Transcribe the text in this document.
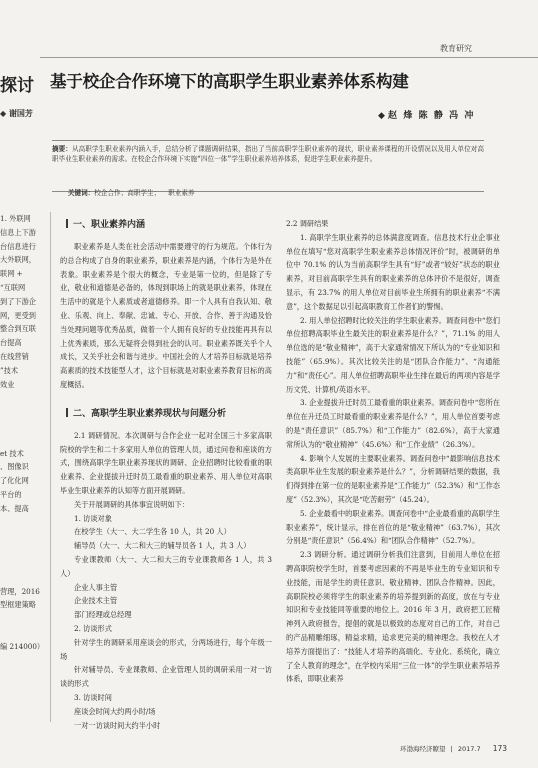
教育研究
探讨
◆ 谢国芳
基于校企合作环境下的高职学生职业素养体系构建
◆ 赵  烽  陈  静  冯  冲
摘要：从高职学生职业素养内涵入手，总结分析了课题调研结果，指出了当前高职学生职业素养的现状，职业素养课程的开设情况以及用人单位对高职毕业生职业素养的需求。在校企合作环境下实施“四位一体”学生职业素养培养体系，促进学生职业素养提升。

关键词：校企合作；高职学生；  职业素养

1. 外联网
信息上下游
台信息进行
大外联网，
联网 +
“互联网
到了下游企
网，更受到
整合到互联
台提高
在线营销
”技术
效业
et 技术
、图像识
了化化网
平台的
本、提高
营理，2016
型框建策略
编 214000）
一、职业素养内涵

职业素养是人类在社会活动中需要遵守的行为规范。个体行为的总合构成了自身的职业素养，职业素养是内涵，个体行为是外在表象。职业素养是个很大的概念，专业是第一位的，但是除了专业，敬业和道德是必备的，体现到职场上的就是职业素养，体现在生活中的就是个人素质或者道德修养。即一个人具有自我认知、敬业、乐观、向上、奉献、忠诚、专心、开放、合作、善于沟通及恰当处理问题等优秀品质，做着一个人拥有良好的专业技能再具有以上优秀素质，那么无疑将会得到社会的认可。职业素养既关乎个人成长，又关乎社会和谐与进步。中国社会的人才培养目标就是培养高素质的技术技能型人才，这个目标就是对职业素养教育目标的高度概括。

二、高职学生职业素养现状与问题分析

2.1 调研情况。本次调研与合作企业一起对全国三十多家高职院校的学生和二十多家用人单位的管理人员，通过问卷和座谈的方式，围绕高职学生职业素养现状的调研、企业招聘时比较看重的职业素养、企业提拔升迁时员工最看重的职业素养、用人单位对高职毕业生职业素养的认知等方面开展调研。

关于开展调研的具体事宜说明如下：

1. 访谈对象

在校学生（大一、大二学生各 10 人，共 20 人）

辅导员（大一、大二和大三的辅导员各 1 人，共 3 人）

专业课教师（大一、大二和大三的专业课教师各 1 人，共 3 人）

企业人事主管

企业技术主管

部门经理或总经理

2. 访谈形式

针对学生的调研采用座谈会的形式，分两场进行，每个年级一场

针对辅导员、专业课教师、企业管理人员的调研采用一对一访谈的形式

3. 访谈时间

座谈会时间大约两小时/场

一对一访谈时间大约半小时

2.2 调研结果

1. 高职学生职业素养的总体满意度调查。信息技术行业企事业单位在填写“您对高职学生职业素养总体情况评价”时，被调研的单位中 70.1% 的认为当前高职学生具有“好”或者“较好”状态的职业素养，对目前高职学生具有的职业素养的总体评价不是很好，调查显示，有 23.7% 的用人单位对目前毕业生所拥有的职业素养“不满意”，这个数据足以引起高职教育工作者们的警惕。

2. 用人单位招聘时比较关注的学生职业素养。调查问卷中“您们单位招聘高职毕业生最关注的职业素养是什么？”，71.1% 的用人单位选的是“敬业精神”，高于大家通常情况下所认为的“专业知识和技能”（65.9%）。其次比较关注的是“团队合作能力”、“沟通能力”和“责任心”。用人单位招聘高职毕业生排在最后的两项内容是学历文凭、计算机/英语水平。

3. 企业提拔升迁时员工最看重的职业素养。调查问卷中“您所在单位在升迁员工时最看重的职业素养是什么？”，用人单位首要考虑的是“责任意识”（85.7%）和“工作能力”（82.6%），高于大家通常所认为的“敬业精神”（45.6%）和“工作业绩”（26.3%）。

4. 影响个人发展的主要职业素养。调查问卷中“最影响信息技术类高职毕业生发展的职业素养是什么？”，分析调研结果的数据，我们得到排在第一位的是职业素养是“工作能力”（52.3%）和“工作态度”（52.3%），其次是“吃苦耐劳”（45.24）。

5. 企业最看中的职业素养。调查问卷中“企业最看重的高职学生职业素养”，统计显示，排在首位的是“敬业精神”（63.7%），其次分别是“责任意识”（56.4%）和“团队合作精神”（52.7%）。

2.3 调研分析。通过调研分析我们注意到，目前用人单位在招聘高职院校学生时，首要考虑因素的不再是毕业生的专业知识和专业技能，而是学生的责任意识、敬业精神、团队合作精神。因此，高职院校必须将学生的职业素养的培养提到新的高度，放在与专业知识和专业技能同等重要的地位上。2016 年 3 月，政府把工匠精神列入政府报告，提倡的就是以极致的态度对自己的工作，对自己的产品精雕细琢，精益求精，追求更完美的精神理念。我校在人才培养方面提出了：“技能人才培养的高端化、专业化、系统化，确立了全人教育的理念”，在学校内采用“三位一体”的学生职业素养培养体系，即职业素养

环渤海经济瞭望 | 2017.7 173
